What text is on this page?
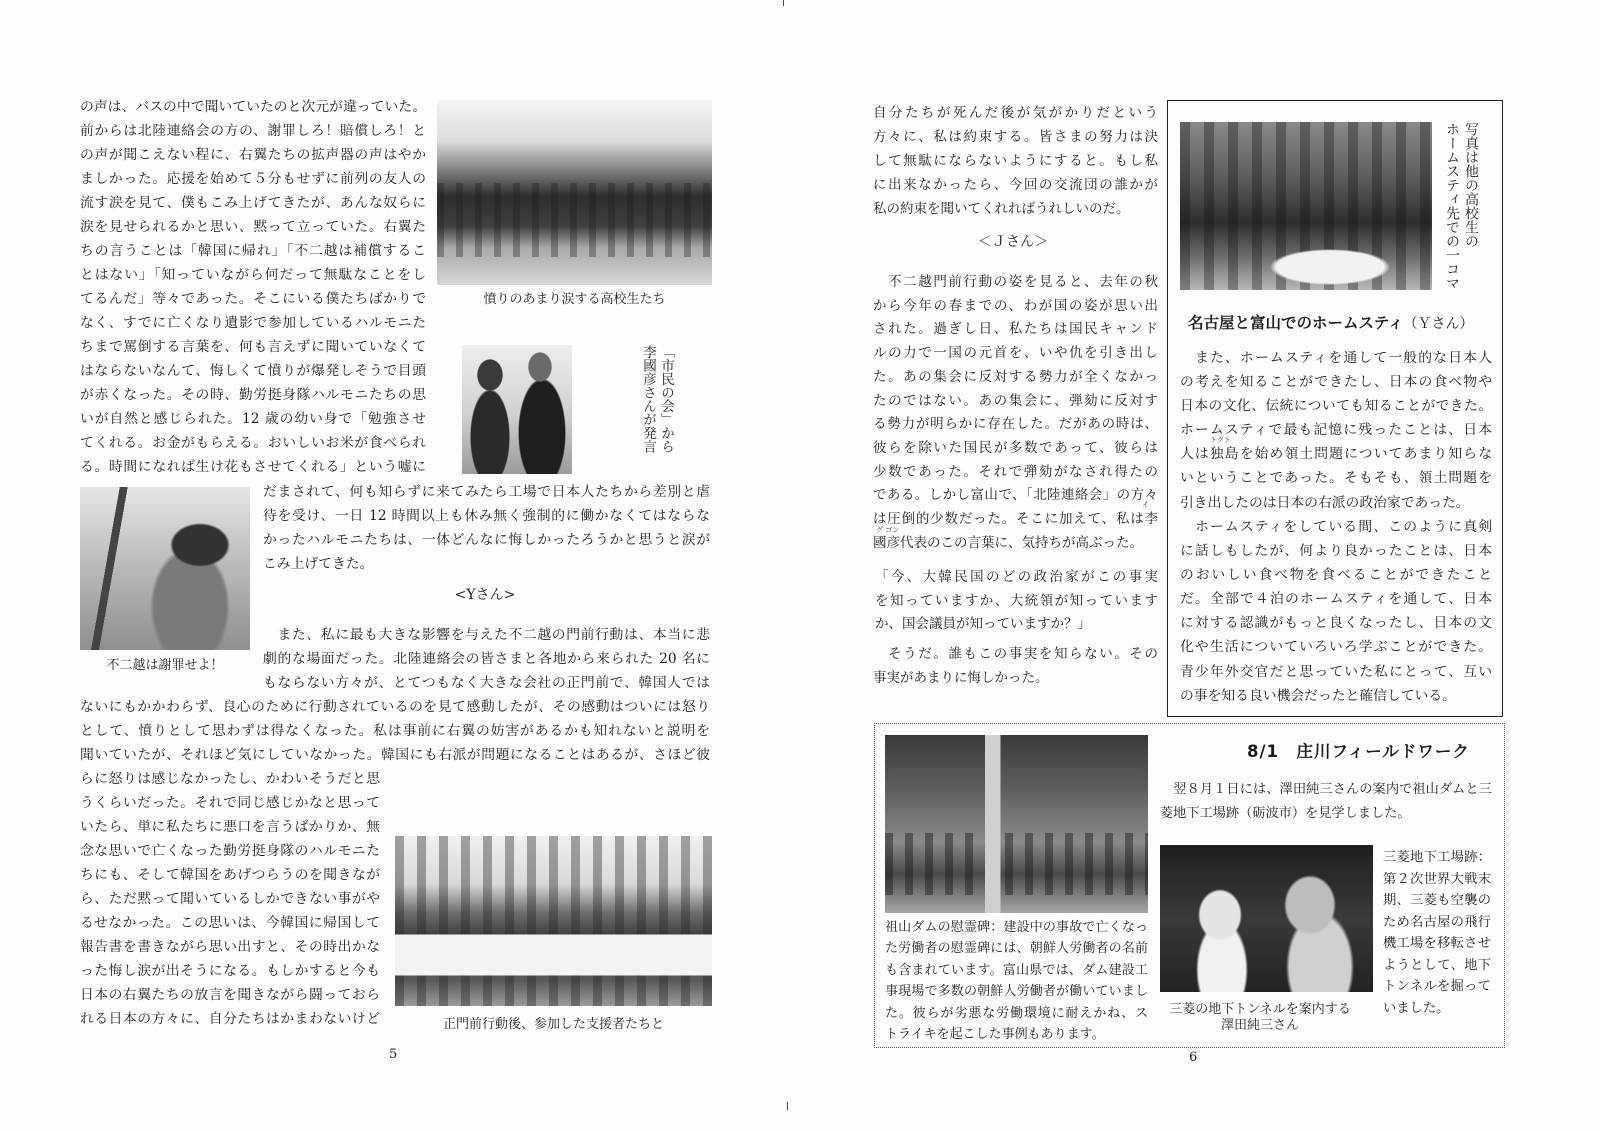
の声は、バスの中で聞いていたのと次元が違っていた。
前からは北陸連絡会の方の、謝罪しろ！賠償しろ！と
の声が聞こえない程に、右翼たちの拡声器の声はやか
ましかった。応援を始めて５分もせずに前列の友人の
流す涙を見て、僕もこみ上げてきたが、あんな奴らに
涙を見せられるかと思い、黙って立っていた。右翼た
ちの言うことは「韓国に帰れ」「不二越は補償するこ
とはない」「知っていながら何だって無駄なことをし
てるんだ」等々であった。そこにいる僕たちばかりで
なく、すでに亡くなり遺影で参加しているハルモニた
ちまで罵倒する言葉を、何も言えずに聞いていなくて
はならないなんて、悔しくて憤りが爆発しそうで目頭
が赤くなった。その時、勤労挺身隊ハルモニたちの思
いが自然と感じられた。12 歳の幼い身で「勉強させ
てくれる。お金がもらえる。おいしいお米が食べられ
る。時間になれば生け花もさせてくれる」という嘘に
憤りのあまり涙する高校生たち
「市民の会」から
李國彦さんが発言
不二越は謝罪せよ！
だまされて、何も知らずに来てみたら工場で日本人たちから差別と虐
待を受け、一日 12 時間以上も休み無く強制的に働かなくてはならな
かったハルモニたちは、一体どんなに悔しかったろうかと思うと涙が
こみ上げてきた。
<Yさん>
　また、私に最も大きな影響を与えた不二越の門前行動は、本当に悲
劇的な場面だった。北陸連絡会の皆さまと各地から来られた 20 名に
もならない方々が、とてつもなく大きな会社の正門前で、韓国人では
ないにもかかわらず、良心のために行動されているのを見て感動したが、その感動はついには怒り
として、憤りとして思わずは得なくなった。私は事前に右翼の妨害があるかも知れないと説明を
聞いていたが、それほど気にしていなかった。韓国にも右派が問題になることはあるが、さほど彼
らに怒りは感じなかったし、かわいそうだと思
うくらいだった。それで同じ感じかなと思って
いたら、単に私たちに悪口を言うばかりか、無
念な思いで亡くなった勤労挺身隊のハルモニた
ちにも、そして韓国をあげつらうのを聞きなが
ら、ただ黙って聞いているしかできない事がや
るせなかった。この思いは、今韓国に帰国して
報告書を書きながら思い出すと、その時出かな
った悔し涙が出そうになる。もしかすると今も
日本の右翼たちの放言を聞きながら闘っておら
れる日本の方々に、自分たちはかまわないけど	正門前行動後、参加した支援者たちと
5
自分たちが死んだ後が気がかりだという
方々に、私は約束する。皆さまの努力は決
して無駄にならないようにすると。もし私
に出来なかったら、今回の交流団の誰かが
私の約束を聞いてくれればうれしいのだ。
＜Ｊさん＞
　不二越門前行動の姿を見ると、去年の秋
から今年の春までの、わが国の姿が思い出
された。過ぎし日、私たちは国民キャンド
ルの力で一国の元首を、いや仇を引き出し
た。あの集会に反対する勢力が全くなかっ
たのではない。あの集会に、弾劾に反対す
る勢力が明らかに存在した。だがあの時は、
彼らを除いた国民が多数であって、彼らは
少数であった。それで弾劾がなされ得たの
である。しかし富山で、「北陸連絡会」の方々
は圧倒的少数だった。そこに加えて、私は李
國彦代表のこの言葉に、気持ちが高ぶった。
イ
グ ゴン
「今、大韓民国のどの政治家がこの事実
を知っていますか、大統領が知っています
か、国会議員が知っていますか？」
　そうだ。誰もこの事実を知らない。その
事実があまりに悔しかった。
写真は他の高校生の
ホームスティ先での一コマ
名古屋と富山でのホームスティ（Ｙさん）
　また、ホームスティを通して一般的な日本人
の考えを知ることができたし、日本の食べ物や
日本の文化、伝統についても知ることができた。
ホームスティで最も記憶に残ったことは、日本
人は独島を始め領土問題についてあまり知らな
いということであった。そもそも、領土問題を
引き出したのは日本の右派の政治家であった。
トクト
　ホームスティをしている間、このように真剣
に話しもしたが、何より良かったことは、日本
のおいしい食べ物を食べることができたこと
だ。全部で４泊のホームスティを通して、日本
に対する認識がもっと良くなったし、日本の文
化や生活についていろいろ学ぶことができた。
青少年外交官だと思っていた私にとって、互い
の事を知る良い機会だったと確信している。
8/1　庄川フィールドワーク
　翌８月１日には、澤田純三さんの案内で祖山ダムと三
菱地下工場跡（砺波市）を見学しました。
祖山ダムの慰霊碑：建設中の事故で亡くなっ
た労働者の慰霊碑には、朝鮮人労働者の名前
も含まれています。富山県では、ダム建設工
事現場で多数の朝鮮人労働者が働いていまし
た。彼らが劣悪な労働環境に耐えかね、ス
トライキを起こした事例もあります。
三菱の地下トンネルを案内する
澤田純三さん
三菱地下工場跡：
第２次世界大戦末
期、三菱も空襲の
ため名古屋の飛行
機工場を移転させ
ようとして、地下
トンネルを掘って
いました。
6
